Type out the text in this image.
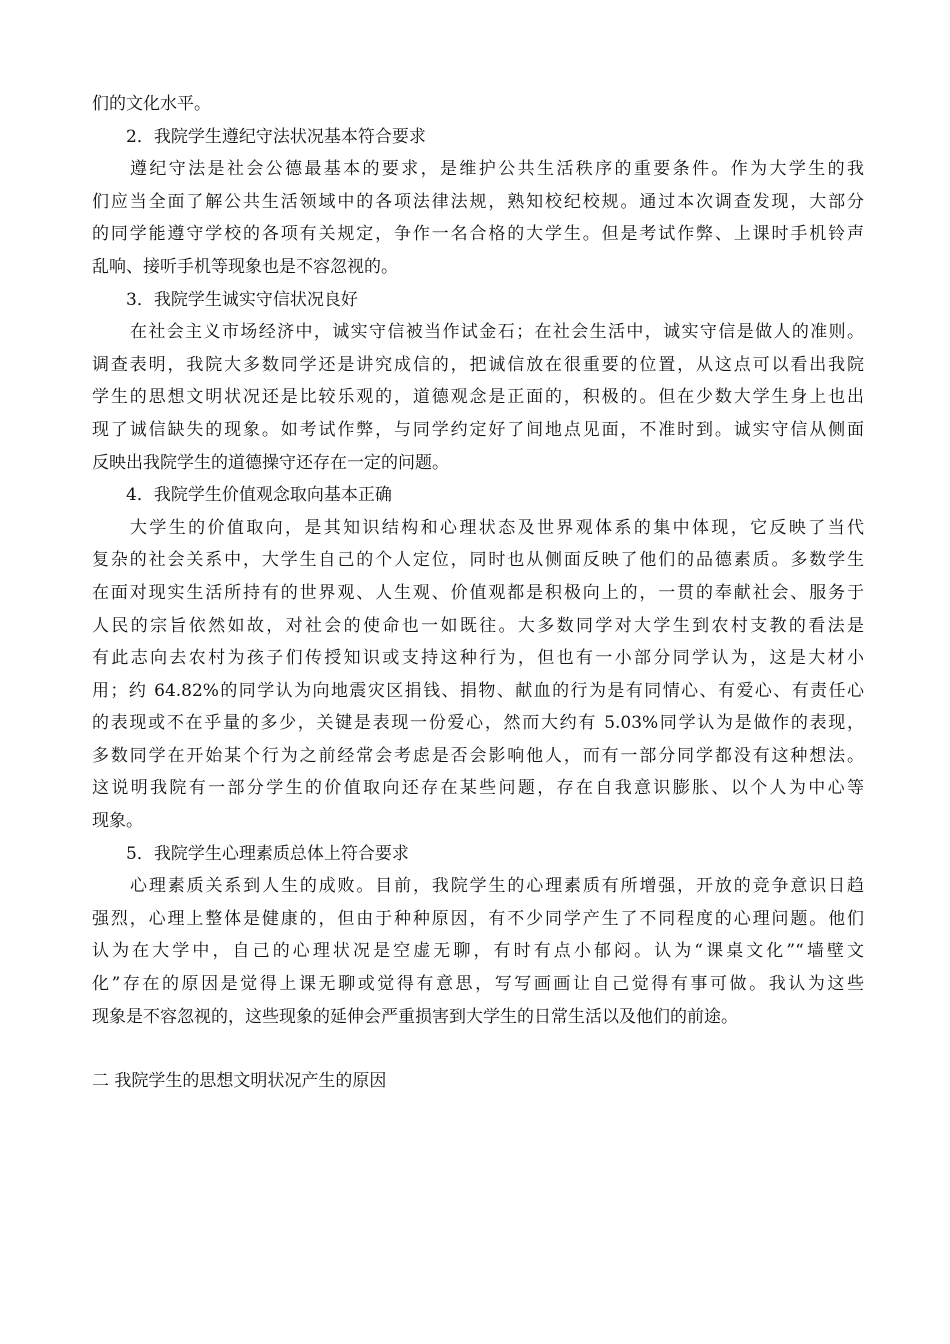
们的文化水平。
2．我院学生遵纪守法状况基本符合要求
遵纪守法是社会公德最基本的要求，是维护公共生活秩序的重要条件。作为大学生的我
们应当全面了解公共生活领域中的各项法律法规，熟知校纪校规。通过本次调查发现，大部分
的同学能遵守学校的各项有关规定，争作一名合格的大学生。但是考试作弊、上课时手机铃声
乱响、接听手机等现象也是不容忽视的。
3．我院学生诚实守信状况良好
在社会主义市场经济中，诚实守信被当作试金石；在社会生活中，诚实守信是做人的准则。
调查表明，我院大多数同学还是讲究成信的，把诚信放在很重要的位置，从这点可以看出我院
学生的思想文明状况还是比较乐观的，道德观念是正面的，积极的。但在少数大学生身上也出
现了诚信缺失的现象。如考试作弊，与同学约定好了间地点见面，不准时到。诚实守信从侧面
反映出我院学生的道德操守还存在一定的问题。
4．我院学生价值观念取向基本正确
大学生的价值取向，是其知识结构和心理状态及世界观体系的集中体现，它反映了当代
复杂的社会关系中，大学生自己的个人定位，同时也从侧面反映了他们的品德素质。多数学生
在面对现实生活所持有的世界观、人生观、价值观都是积极向上的，一贯的奉献社会、服务于
人民的宗旨依然如故，对社会的使命也一如既往。大多数同学对大学生到农村支教的看法是
有此志向去农村为孩子们传授知识或支持这种行为，但也有一小部分同学认为，这是大材小
用；约 64.82%的同学认为向地震灾区捐钱、捐物、献血的行为是有同情心、有爱心、有责任心
的表现或不在乎量的多少，关键是表现一份爱心，然而大约有 5.03%同学认为是做作的表现，
多数同学在开始某个行为之前经常会考虑是否会影响他人，而有一部分同学都没有这种想法。
这说明我院有一部分学生的价值取向还存在某些问题，存在自我意识膨胀、以个人为中心等
现象。
5．我院学生心理素质总体上符合要求
心理素质关系到人生的成败。目前，我院学生的心理素质有所增强，开放的竞争意识日趋
强烈，心理上整体是健康的，但由于种种原因，有不少同学产生了不同程度的心理问题。他们
认为在大学中，自己的心理状况是空虚无聊，有时有点小郁闷。认为“课桌文化”“墙壁文
化”存在的原因是觉得上课无聊或觉得有意思，写写画画让自己觉得有事可做。我认为这些
现象是不容忽视的，这些现象的延伸会严重损害到大学生的日常生活以及他们的前途。
二 我院学生的思想文明状况产生的原因
